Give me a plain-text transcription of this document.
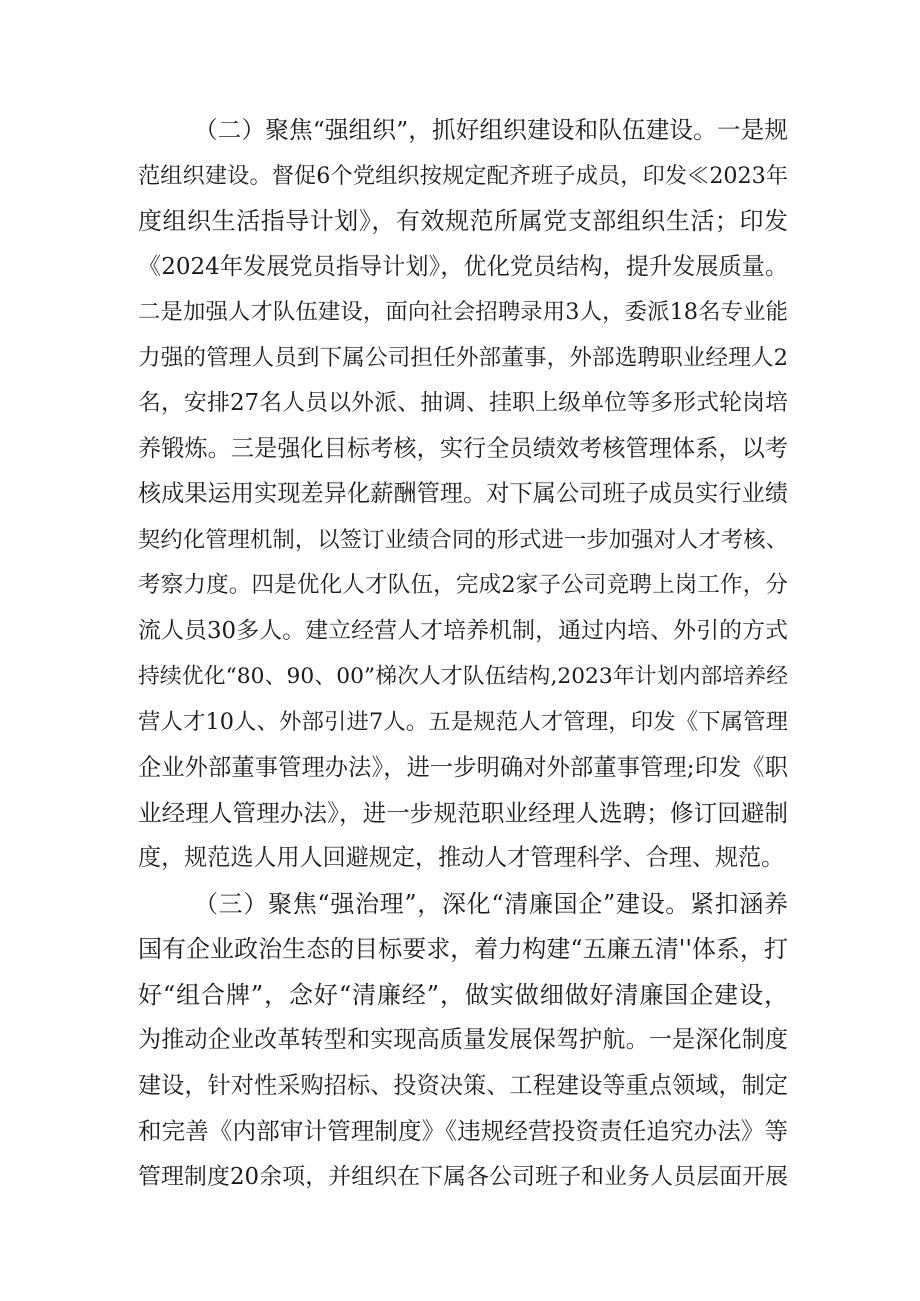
（二）聚焦“强组织”，抓好组织建设和队伍建设。一是规
范组织建设。督促6个党组织按规定配齐班子成员，印发≪2023年
度组织生活指导计划》，有效规范所属党支部组织生活；印发
《2024年发展党员指导计划》，优化党员结构，提升发展质量。
二是加强人才队伍建设，面向社会招聘录用3人，委派18名专业能
力强的管理人员到下属公司担任外部董事，外部选聘职业经理人2
名，安排27名人员以外派、抽调、挂职上级单位等多形式轮岗培
养锻炼。三是强化目标考核，实行全员绩效考核管理体系，以考
核成果运用实现差异化薪酬管理。对下属公司班子成员实行业绩
契约化管理机制，以签订业绩合同的形式进一步加强对人才考核、
考察力度。四是优化人才队伍，完成2家子公司竞聘上岗工作，分
流人员30多人。建立经营人才培养机制，通过内培、外引的方式
持续优化“80、90、00”梯次人才队伍结构,2023年计划内部培养经
营人才10人、外部引进7人。五是规范人才管理，印发《下属管理
企业外部董事管理办法》，进一步明确对外部董事管理;印发《职
业经理人管理办法》，进一步规范职业经理人选聘；修订回避制
度，规范选人用人回避规定，推动人才管理科学、合理、规范。
（三）聚焦“强治理”，深化“清廉国企”建设。紧扣涵养
国有企业政治生态的目标要求，着力构建“五廉五清''体系，打
好“组合牌”，念好“清廉经”，做实做细做好清廉国企建设，
为推动企业改革转型和实现高质量发展保驾护航。一是深化制度
建设，针对性采购招标、投资决策、工程建设等重点领域，制定
和完善《内部审计管理制度》《违规经营投资责任追究办法》等
管理制度20余项，并组织在下属各公司班子和业务人员层面开展
